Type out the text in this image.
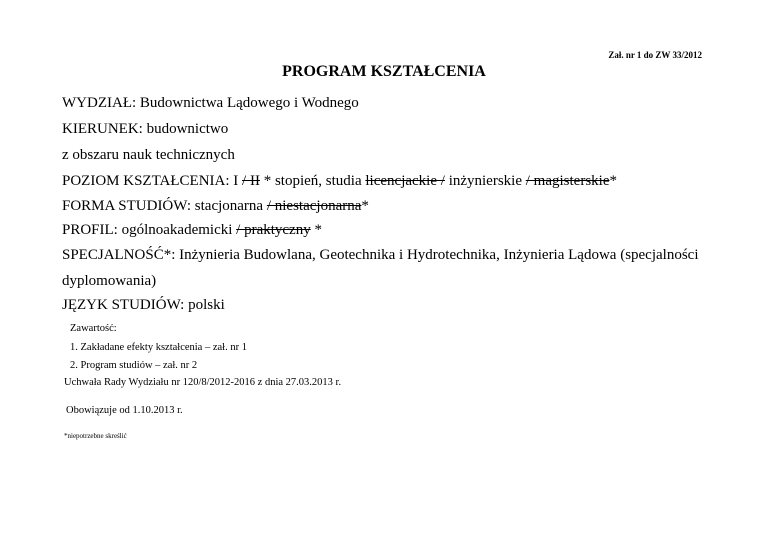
Zał. nr 1 do ZW 33/2012
PROGRAM KSZTAŁCENIA
WYDZIAŁ: Budownictwa Lądowego i Wodnego
KIERUNEK: budownictwo
z obszaru nauk technicznych
POZIOM KSZTAŁCENIA: I / II * stopień, studia licencjackie / inżynierskie / magisterskie*
FORMA STUDIÓW: stacjonarna / niestacjonarna*
PROFIL: ogólnoakademicki / praktyczny *
SPECJALNOŚĆ*: Inżynieria Budowlana, Geotechnika i Hydrotechnika, Inżynieria Lądowa (specjalności
dyplomowania)
JĘZYK STUDIÓW: polski
Zawartość:
1. Zakładane efekty kształcenia – zał. nr 1
2. Program studiów – zał. nr 2
Uchwała Rady Wydziału nr 120/8/2012-2016 z dnia 27.03.2013 r.
Obowiązuje od 1.10.2013 r.
*niepotrzebne skreślić
